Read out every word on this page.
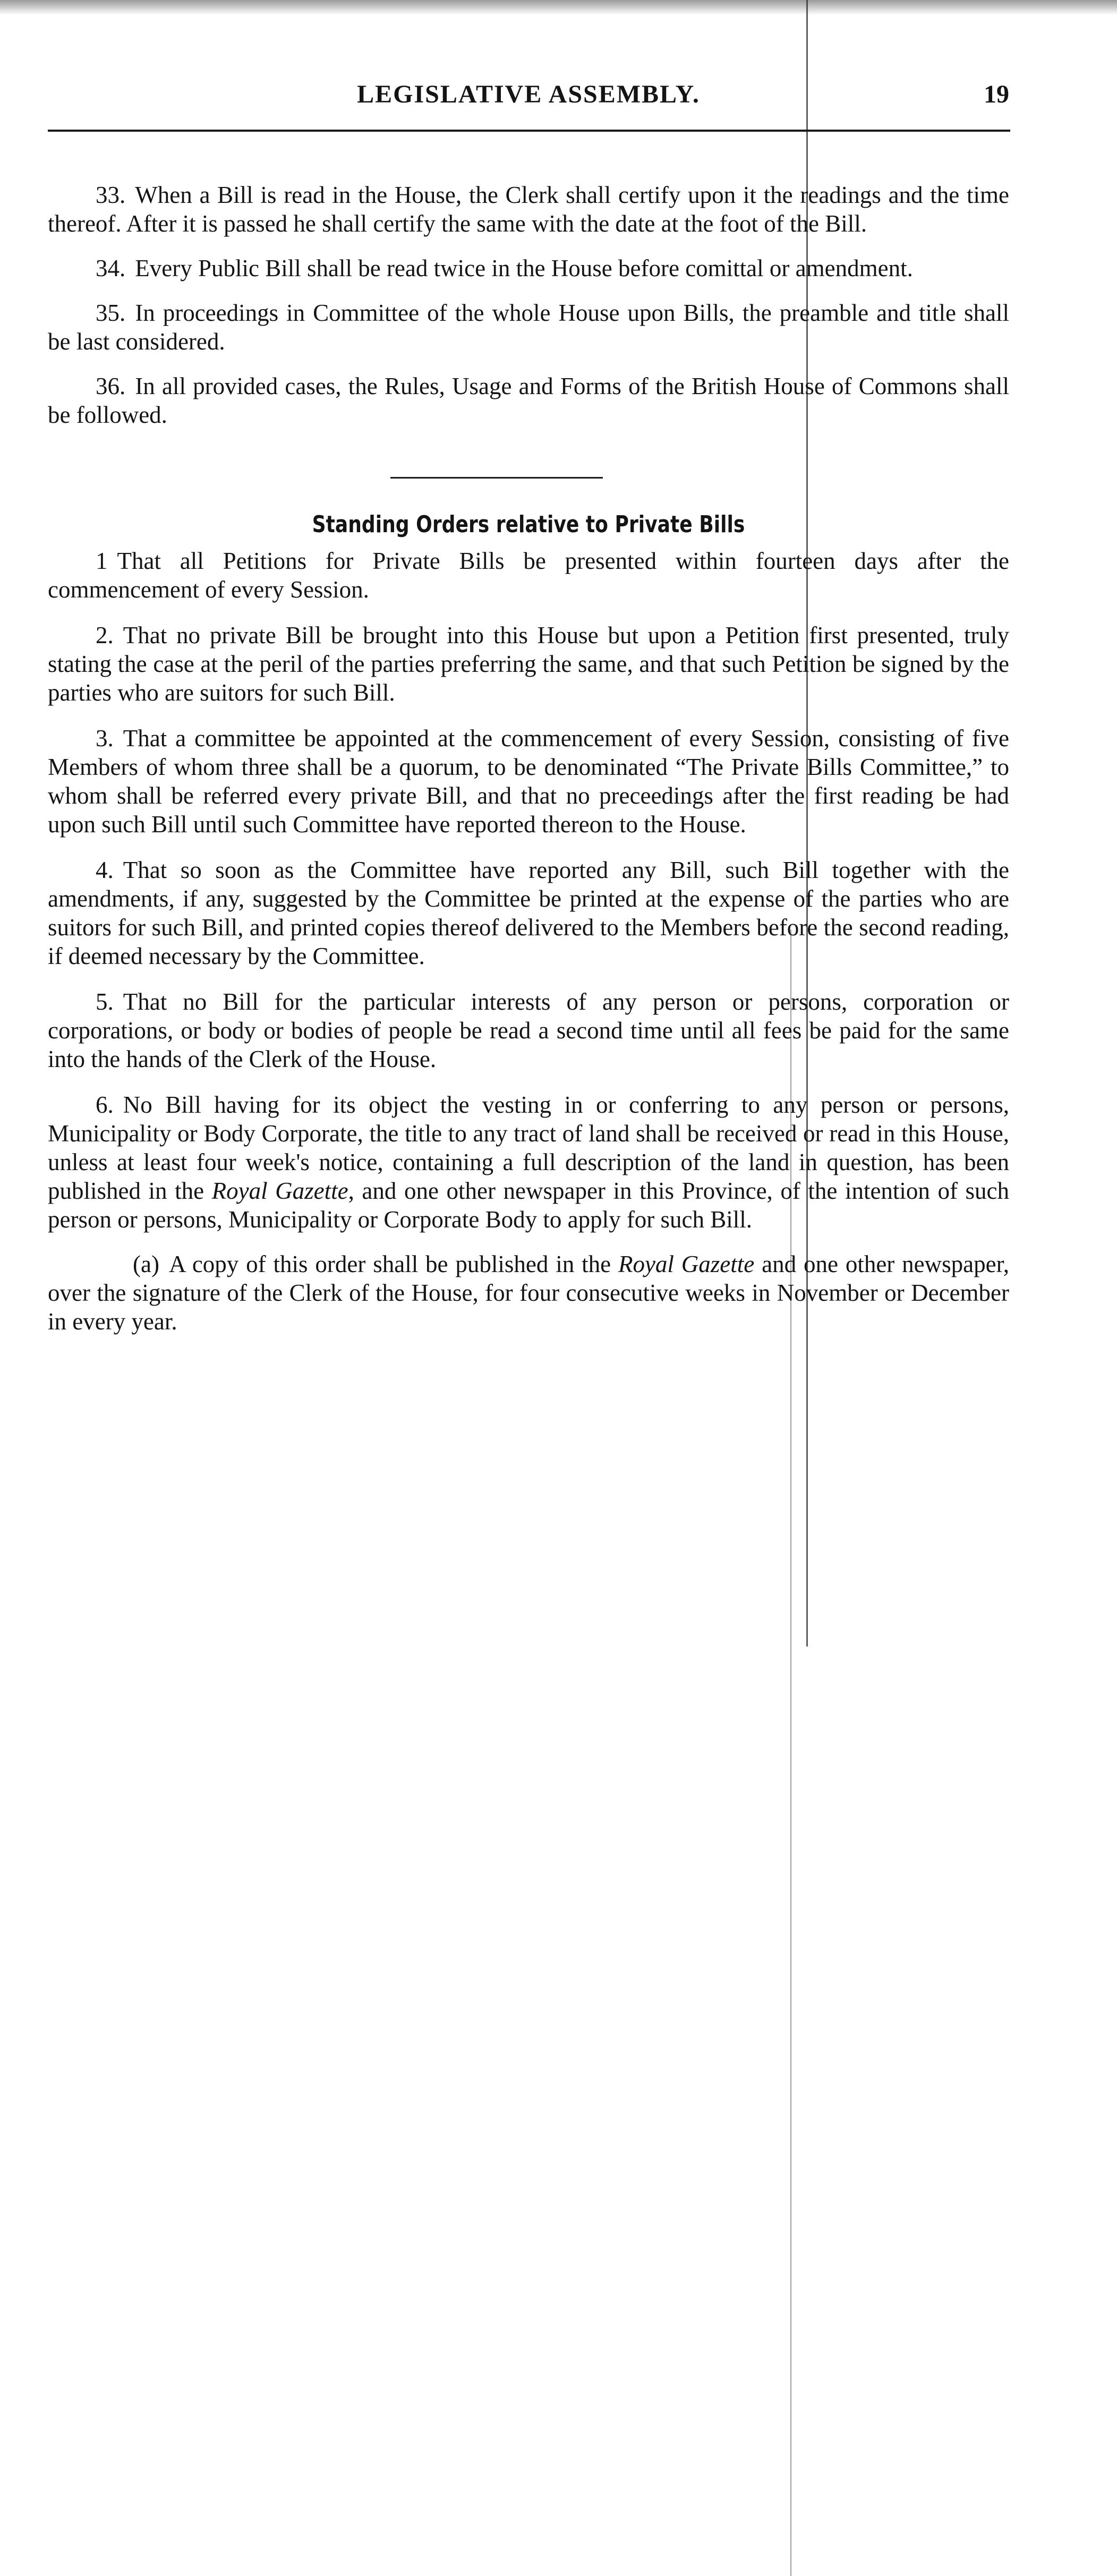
LEGISLATIVE ASSEMBLY.	19

33. When a Bill is read in the House, the Clerk shall certify upon it the readings and the time thereof. After it is passed he shall certify the same with the date at the foot of the Bill.

34. Every Public Bill shall be read twice in the House before comittal or amendment.

35. In proceedings in Committee of the whole House upon Bills, the preamble and title shall be last considered.

36. In all provided cases, the Rules, Usage and Forms of the British House of Commons shall be followed.

Standing Orders relative to Private Bills

1 That all Petitions for Private Bills be presented within fourteen days after the commencement of every Session.

2. That no private Bill be brought into this House but upon a Petition first presented, truly stating the case at the peril of the parties preferring the same, and that such Petition be signed by the parties who are suitors for such Bill.

3. That a committee be appointed at the commencement of every Session, consisting of five Members of whom three shall be a quorum, to be denominated “The Private Bills Committee,” to whom shall be referred every private Bill, and that no preceedings after the first reading be had upon such Bill until such Committee have reported thereon to the House.

4. That so soon as the Committee have reported any Bill, such Bill together with the amendments, if any, suggested by the Committee be printed at the expense of the parties who are suitors for such Bill, and printed copies thereof delivered to the Members before the second reading, if deemed necessary by the Committee.

5. That no Bill for the particular interests of any person or persons, corporation or corporations, or body or bodies of people be read a second time until all fees be paid for the same into the hands of the Clerk of the House.

6. No Bill having for its object the vesting in or conferring to any person or persons, Municipality or Body Corporate, the title to any tract of land shall be received or read in this House, unless at least four week's notice, containing a full description of the land in question, has been published in the Royal Gazette, and one other newspaper in this Province, of the intention of such person or persons, Municipality or Corporate Body to apply for such Bill.

(a) A copy of this order shall be published in the Royal Gazette and one other newspaper, over the signature of the Clerk of the House, for four consecutive weeks in November or December in every year.
